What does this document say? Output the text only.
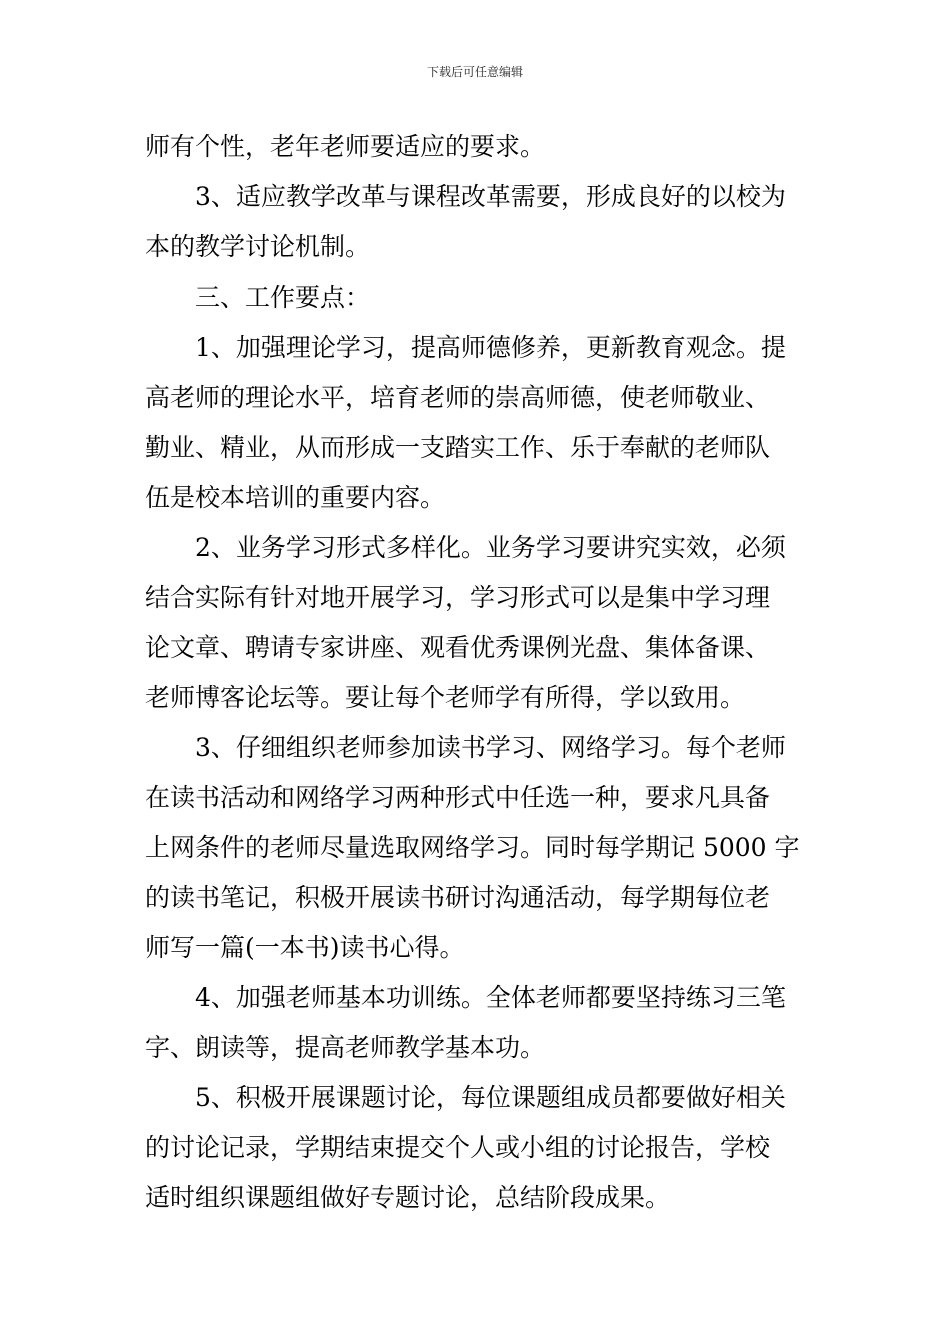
下载后可任意编辑
师有个性，老年老师要适应的要求。
3、适应教学改革与课程改革需要，形成良好的以校为
本的教学讨论机制。
三、工作要点：
1、加强理论学习，提高师德修养，更新教育观念。提
高老师的理论水平，培育老师的崇高师德，使老师敬业、
勤业、精业，从而形成一支踏实工作、乐于奉献的老师队
伍是校本培训的重要内容。
2、业务学习形式多样化。业务学习要讲究实效，必须
结合实际有针对地开展学习，学习形式可以是集中学习理
论文章、聘请专家讲座、观看优秀课例光盘、集体备课、
老师博客论坛等。要让每个老师学有所得，学以致用。
3、仔细组织老师参加读书学习、网络学习。每个老师
在读书活动和网络学习两种形式中任选一种，要求凡具备
上网条件的老师尽量选取网络学习。同时每学期记 5000 字
的读书笔记，积极开展读书研讨沟通活动，每学期每位老
师写一篇(一本书)读书心得。
4、加强老师基本功训练。全体老师都要坚持练习三笔
字、朗读等，提高老师教学基本功。
5、积极开展课题讨论，每位课题组成员都要做好相关
的讨论记录，学期结束提交个人或小组的讨论报告，学校
适时组织课题组做好专题讨论，总结阶段成果。
